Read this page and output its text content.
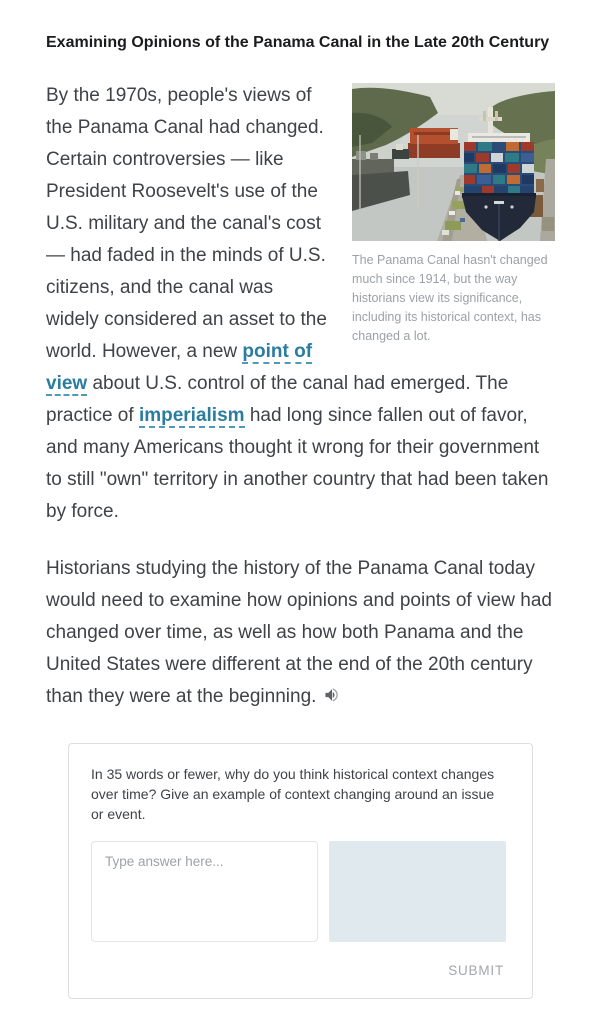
Examining Opinions of the Panama Canal in the Late 20th Century
The Panama Canal hasn't changed much since 1914, but the way historians view its significance, including its historical context, has changed a lot.

By the 1970s, people's views of the Panama Canal had changed. Certain controversies — like President Roosevelt's use of the U.S. military and the canal's cost — had faded in the minds of U.S. citizens, and the canal was widely considered an asset to the world. However, a new point of view about U.S. control of the canal had emerged. The practice of imperialism had long since fallen out of favor, and many Americans thought it wrong for their government to still "own" territory in another country that had been taken by force.

Historians studying the history of the Panama Canal today would need to examine how opinions and points of view had changed over time, as well as how both Panama and the United States were different at the end of the 20th century than they were at the beginning.

In 35 words or fewer, why do you think historical context changes over time? Give an example of context changing around an issue or event.

Type answer here...
SUBMIT
